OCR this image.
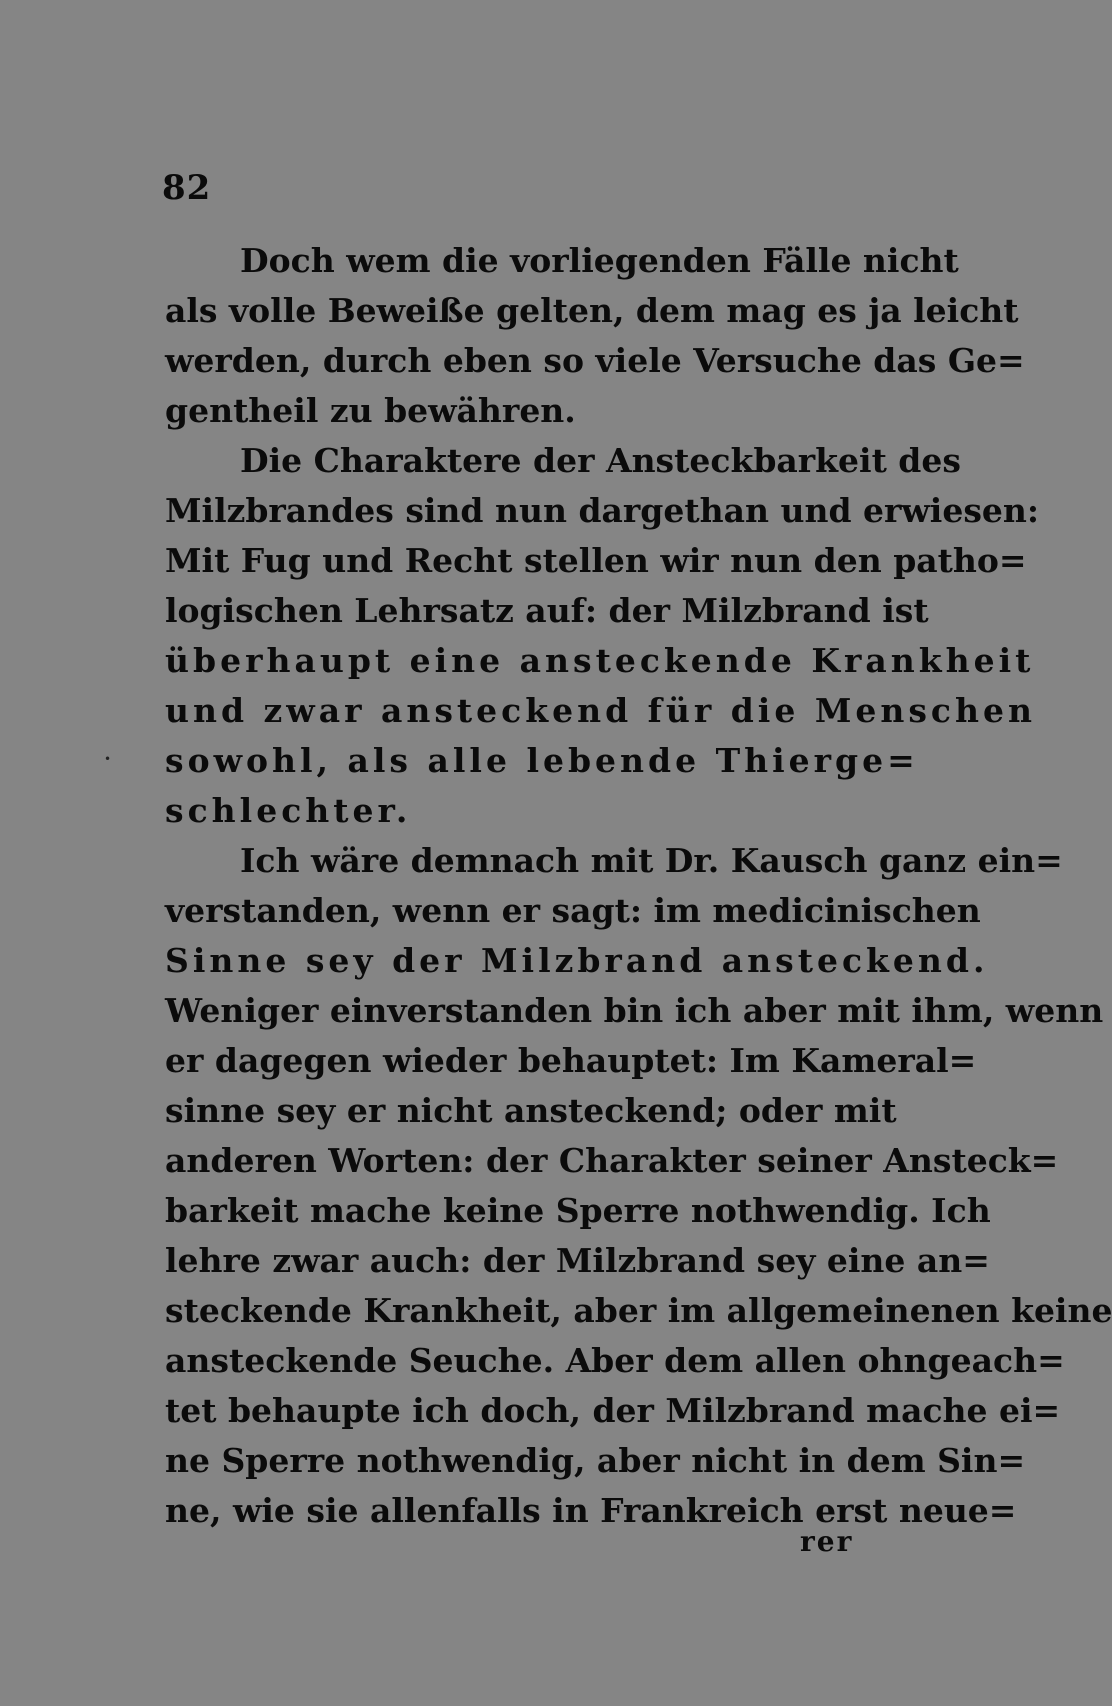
82
Doch wem die vorliegenden Fälle nicht
als volle Beweiße gelten, dem mag es ja leicht
werden, durch eben so viele Versuche das Ge=
gentheil zu bewähren.
Die Charaktere der Ansteckbarkeit des
Milzbrandes sind nun dargethan und erwiesen:
Mit Fug und Recht stellen wir nun den patho=
logischen Lehrsatz auf: der Milzbrand ist
überhaupt eine ansteckende Krankheit
und zwar ansteckend für die Menschen
sowohl, als alle lebende Thierge=
schlechter.
Ich wäre demnach mit Dr. Kausch ganz ein=
verstanden, wenn er sagt: im medicinischen
Sinne sey der Milzbrand ansteckend.
Weniger einverstanden bin ich aber mit ihm, wenn
er dagegen wieder behauptet: Im Kameral=
sinne sey er nicht ansteckend; oder mit
anderen Worten: der Charakter seiner Ansteck=
barkeit mache keine Sperre nothwendig. Ich
lehre zwar auch: der Milzbrand sey eine an=
steckende Krankheit, aber im allgemeinenen keine
ansteckende Seuche. Aber dem allen ohngeach=
tet behaupte ich doch, der Milzbrand mache ei=
ne Sperre nothwendig, aber nicht in dem Sin=
ne, wie sie allenfalls in Frankreich erst neue=
rer
•
